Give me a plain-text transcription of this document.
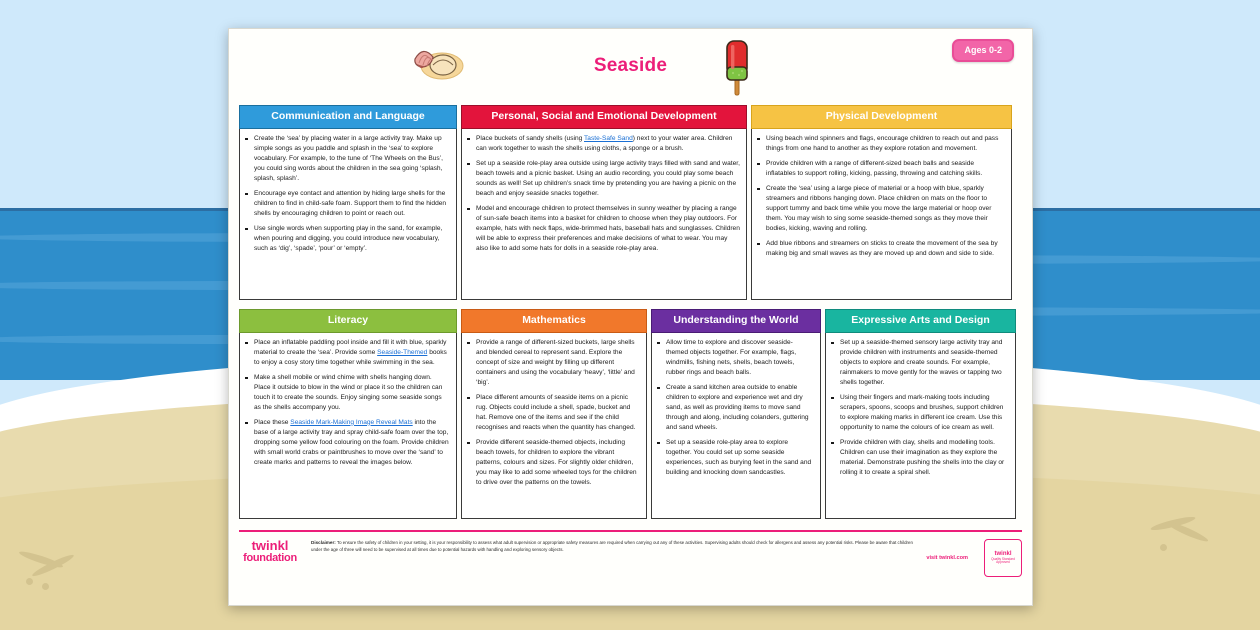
Seaside
Ages 0-2
Communication and Language
Create the ‘sea’ by placing water in a large activity tray. Make up simple songs as you paddle and splash in the ‘sea’ to explore vocabulary. For example, to the tune of ‘The Wheels on the Bus’, you could sing words about the children in the sea going ‘splash, splash, splash’.
Encourage eye contact and attention by hiding large shells for the children to find in child-safe foam. Support them to find the hidden shells by encouraging children to point or reach out.
Use single words when supporting play in the sand, for example, when pouring and digging, you could introduce new vocabulary, such as ‘dig’, ‘spade’, ‘pour’ or ‘empty’.
Personal, Social and Emotional Development
Place buckets of sandy shells (using Taste-Safe Sand) next to your water area. Children can work together to wash the shells using cloths, a sponge or a brush.
Set up a seaside role-play area outside using large activity trays filled with sand and water, beach towels and a picnic basket. Using an audio recording, you could play some beach sounds as well! Set up children’s snack time by pretending you are having a picnic on the beach and enjoy seaside snacks together.
Model and encourage children to protect themselves in sunny weather by placing a range of sun-safe beach items into a basket for children to choose when they play outdoors. For example, hats with neck flaps, wide-brimmed hats, baseball hats and sunglasses. Children will be able to express their preferences and make decisions of what to wear. You may also like to add some hats for dolls in a seaside role-play area.
Physical Development
Using beach wind spinners and flags, encourage children to reach out and pass things from one hand to another as they explore rotation and movement.
Provide children with a range of different-sized beach balls and seaside inflatables to support rolling, kicking, passing, throwing and catching skills.
Create the ‘sea’ using a large piece of material or a hoop with blue, sparkly streamers and ribbons hanging down. Place children on mats on the floor to support tummy and back time while you move the large material or hoop over them. You may wish to sing some seaside-themed songs as they move their bodies, kicking, waving and rolling.
Add blue ribbons and streamers on sticks to create the movement of the sea by making big and small waves as they are moved up and down and side to side.
Literacy
Place an inflatable paddling pool inside and fill it with blue, sparkly material to create the ‘sea’. Provide some Seaside-Themed books to enjoy a cosy story time together while swimming in the sea.
Make a shell mobile or wind chime with shells hanging down. Place it outside to blow in the wind or place it so the children can touch it to create the sounds. Enjoy singing some seaside songs as the shells accompany you.
Place these Seaside Mark-Making Image Reveal Mats into the base of a large activity tray and spray child-safe foam over the top, dropping some yellow food colouring on the foam. Provide children with small world crabs or paintbrushes to move over the ‘sand’ to create marks and patterns to reveal the images below.
Mathematics
Provide a range of different-sized buckets, large shells and blended cereal to represent sand. Explore the concept of size and weight by filling up different containers and using the vocabulary ‘heavy’, ‘little’ and ‘big’.
Place different amounts of seaside items on a picnic rug. Objects could include a shell, spade, bucket and hat. Remove one of the items and see if the child recognises and reacts when the quantity has changed.
Provide different seaside-themed objects, including beach towels, for children to explore the vibrant patterns, colours and sizes. For slightly older children, you may like to add some wheeled toys for the children to drive over the patterns on the towels.
Understanding the World
Allow time to explore and discover seaside-themed objects together. For example, flags, windmills, fishing nets, shells, beach towels, rubber rings and beach balls.
Create a sand kitchen area outside to enable children to explore and experience wet and dry sand, as well as providing items to move sand through and along, including colanders, guttering and sand wheels.
Set up a seaside role-play area to explore together. You could set up some seaside experiences, such as burying feet in the sand and building and knocking down sandcastles.
Expressive Arts and Design
Set up a seaside-themed sensory large activity tray and provide children with instruments and seaside-themed objects to explore and create sounds. For example, rainmakers to move gently for the waves or tapping two shells together.
Using their fingers and mark-making tools including scrapers, spoons, scoops and brushes, support children to explore making marks in different ice cream. Use this opportunity to name the colours of ice cream as well.
Provide children with clay, shells and modelling tools. Children can use their imagination as they explore the material. Demonstrate pushing the shells into the clay or rolling it to create a spiral shell.
twinkl
foundation
Disclaimer: To ensure the safety of children in your setting, it is your responsibility to assess what adult supervision or appropriate safety measures are required when carrying out any of these activities. Supervising adults should check for allergens and assess any potential risks. Please be aware that children under the age of three will need to be supervised at all times due to potential hazards with handling and exploring sensory objects.
visit twinkl.com
twinkl
Quality Standard Approved
